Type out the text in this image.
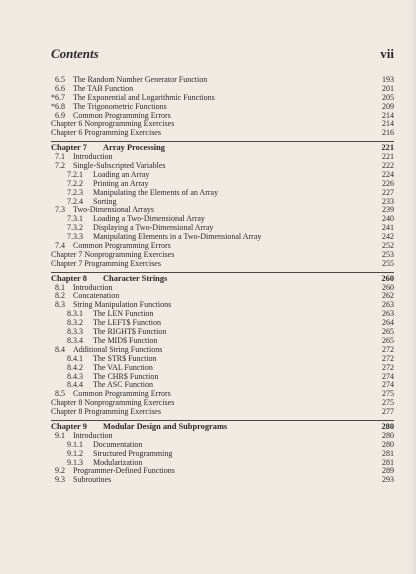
Contents	vii
6.5 The Random Number Generator Function	193
6.6 The TAB Function	201
*6.7 The Exponential and Logarithmic Functions	205
*6.8 The Trigonometric Functions	209
6.9 Common Programming Errors	214
Chapter 6 Nonprogramming Exercises	214
Chapter 6 Programming Exercises	216
Chapter 7 Array Processing	221
7.1 Introduction	221
7.2 Single-Subscripted Variables	222
7.2.1 Loading an Array	224
7.2.2 Printing an Array	226
7.2.3 Manipulating the Elements of an Array	227
7.2.4 Sorting	233
7.3 Two-Dimensional Arrays	239
7.3.1 Loading a Two-Dimensional Array	240
7.3.2 Displaying a Two-Dimensional Array	241
7.3.3 Manipulating Elements in a Two-Dimensional Array	242
7.4 Common Programming Errors	252
Chapter 7 Nonprogramming Exercises	253
Chapter 7 Programming Exercises	255
Chapter 8 Character Strings	260
8.1 Introduction	260
8.2 Concatenation	262
8.3 String Manipulation Functions	263
8.3.1 The LEN Function	263
8.3.2 The LEFT$ Function	264
8.3.3 The RIGHT$ Function	265
8.3.4 The MID$ Function	265
8.4 Additional String Functions	272
8.4.1 The STR$ Function	272
8.4.2 The VAL Function	272
8.4.3 The CHR$ Function	274
8.4.4 The ASC Function	274
8.5 Common Programming Errors	275
Chapter 8 Nonprogramming Exercises	275
Chapter 8 Programming Exercises	277
Chapter 9 Modular Design and Subprograms	280
9.1 Introduction	280
9.1.1 Documentation	280
9.1.2 Structured Programming	281
9.1.3 Modularization	281
9.2 Programmer-Defined Functions	289
9.3 Subroutines	293
